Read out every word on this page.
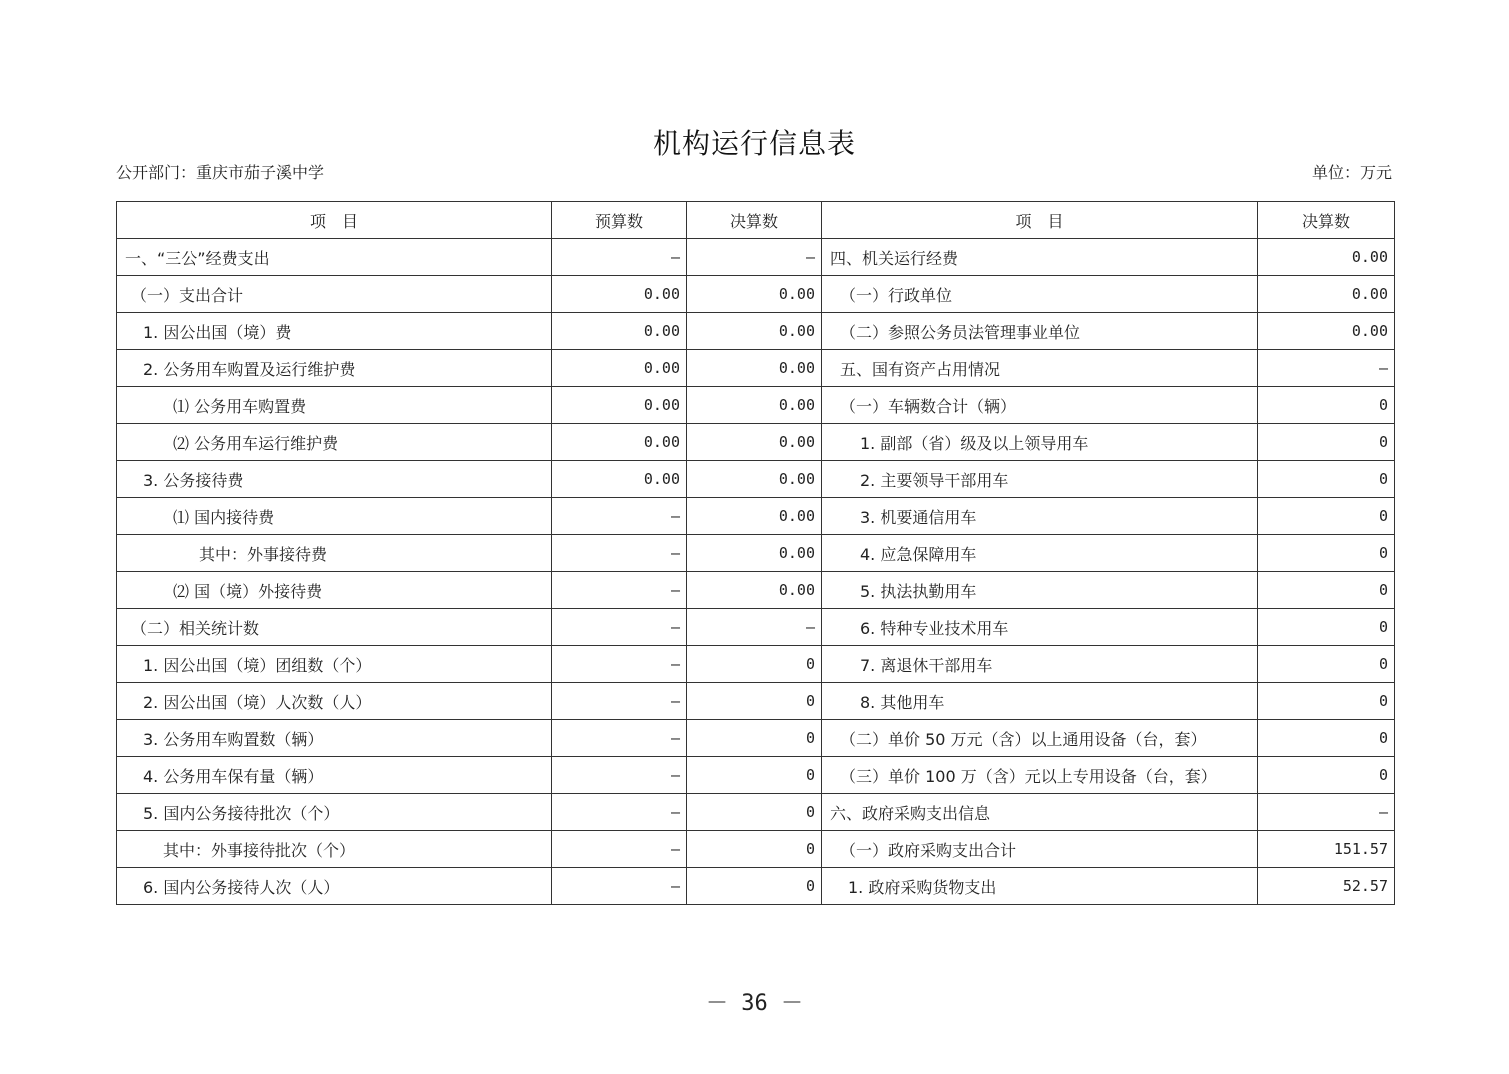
机构运行信息表
公开部门：重庆市茄子溪中学	单位：万元
项　目	预算数	决算数	项　目	决算数
一、“三公”经费支出	—	—	四、机关运行经费	0.00
（一）支出合计	0.00	0.00	（一）行政单位	0.00
1. 因公出国（境）费	0.00	0.00	（二）参照公务员法管理事业单位	0.00
2. 公务用车购置及运行维护费	0.00	0.00	五、国有资产占用情况	—
⑴ 公务用车购置费	0.00	0.00	（一）车辆数合计（辆）	0
⑵ 公务用车运行维护费	0.00	0.00	1. 副部（省）级及以上领导用车	0
3. 公务接待费	0.00	0.00	2. 主要领导干部用车	0
⑴ 国内接待费	—	0.00	3. 机要通信用车	0
其中：外事接待费	—	0.00	4. 应急保障用车	0
⑵ 国（境）外接待费	—	0.00	5. 执法执勤用车	0
（二）相关统计数	—	—	6. 特种专业技术用车	0
1. 因公出国（境）团组数（个）	—	0	7. 离退休干部用车	0
2. 因公出国（境）人次数（人）	—	0	8. 其他用车	0
3. 公务用车购置数（辆）	—	0	（二）单价 50 万元（含）以上通用设备（台，套）	0
4. 公务用车保有量（辆）	—	0	（三）单价 100 万（含）元以上专用设备（台，套）	0
5. 国内公务接待批次（个）	—	0	六、政府采购支出信息	—
其中：外事接待批次（个）	—	0	（一）政府采购支出合计	151.57
6. 国内公务接待人次（人）	—	0	1. 政府采购货物支出	52.57
－ 36 －
